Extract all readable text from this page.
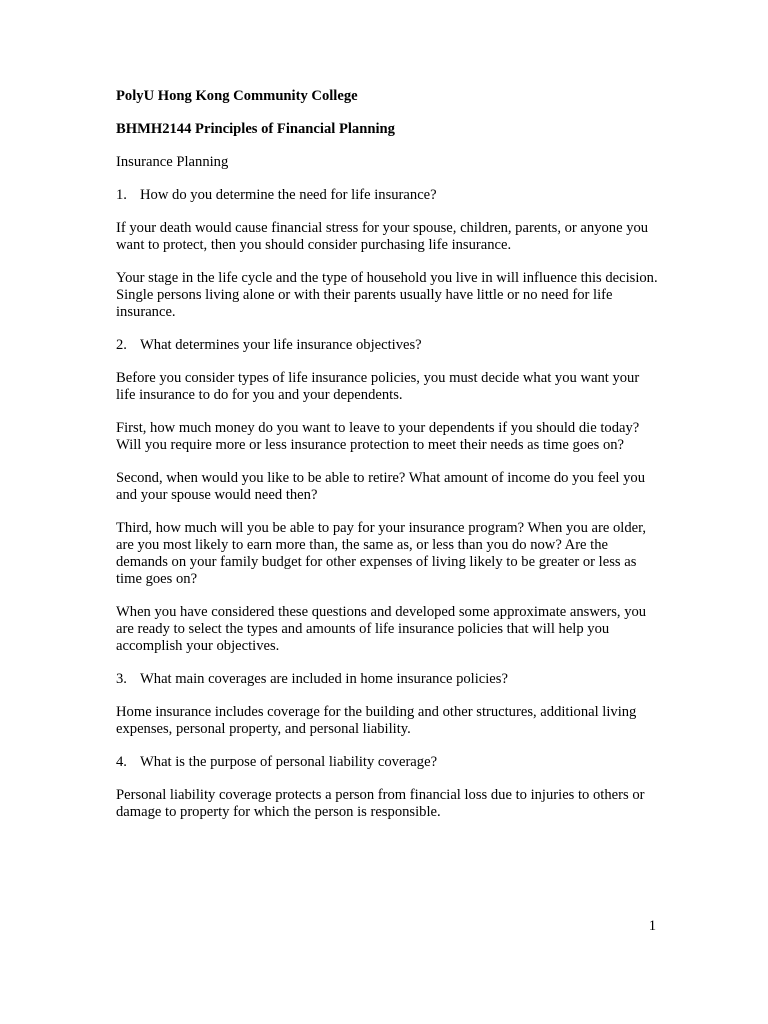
PolyU Hong Kong Community College
BHMH2144 Principles of Financial Planning
Insurance Planning
1. How do you determine the need for life insurance?
If your death would cause financial stress for your spouse, children, parents, or anyone you want to protect, then you should consider purchasing life insurance.
Your stage in the life cycle and the type of household you live in will influence this decision. Single persons living alone or with their parents usually have little or no need for life insurance.
2. What determines your life insurance objectives?
Before you consider types of life insurance policies, you must decide what you want your life insurance to do for you and your dependents.
First, how much money do you want to leave to your dependents if you should die today? Will you require more or less insurance protection to meet their needs as time goes on?
Second, when would you like to be able to retire? What amount of income do you feel you and your spouse would need then?
Third, how much will you be able to pay for your insurance program? When you are older, are you most likely to earn more than, the same as, or less than you do now? Are the demands on your family budget for other expenses of living likely to be greater or less as time goes on?
When you have considered these questions and developed some approximate answers, you are ready to select the types and amounts of life insurance policies that will help you accomplish your objectives.
3. What main coverages are included in home insurance policies?
Home insurance includes coverage for the building and other structures, additional living expenses, personal property, and personal liability.
4. What is the purpose of personal liability coverage?
Personal liability coverage protects a person from financial loss due to injuries to others or damage to property for which the person is responsible.
1
